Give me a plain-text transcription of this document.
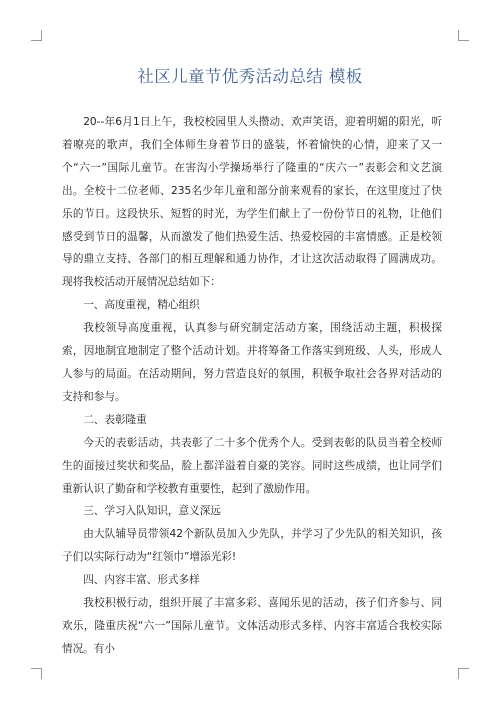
社区儿童节优秀活动总结 模板

20--年6月1日上午，我校校园里人头攒动、欢声笑语，迎着明媚的阳光，听着嘹亮的歌声，我们全体师生身着节日的盛装，怀着愉快的心情，迎来了又一个“六一”国际儿童节。在害沟小学操场举行了隆重的“庆六一”表彰会和文艺演出。全校十二位老师、235名少年儿童和部分前来观看的家长，在这里度过了快乐的节日。这段快乐、短暂的时光，为学生们献上了一份份节日的礼物，让他们感受到节日的温馨，从而激发了他们热爱生活、热爱校园的丰富情感。正是校领导的鼎立支持、各部门的相互理解和通力协作，才让这次活动取得了圆满成功。现将我校活动开展情况总结如下：

一、高度重视，精心组织

我校领导高度重视，认真参与研究制定活动方案，围绕活动主题，积极探索，因地制宜地制定了整个活动计划。并将筹备工作落实到班级、人头，形成人人参与的局面。在活动期间，努力营造良好的氛围，积极争取社会各界对活动的支持和参与。

二、表彰隆重

今天的表彰活动，共表彰了二十多个优秀个人。受到表彰的队员当着全校师生的面接过奖状和奖品，脸上都洋溢着自豪的笑容。同时这些成绩，也让同学们重新认识了勤奋和学校教育重要性，起到了激励作用。

三、学习入队知识，意义深远

由大队辅导员带领42个新队员加入少先队，并学习了少先队的相关知识，孩子们以实际行动为“红领巾”增添光彩!

四、内容丰富、形式多样

我校积极行动，组织开展了丰富多彩、喜闻乐见的活动，孩子们齐参与、同欢乐，隆重庆祝“六一”国际儿童节。文体活动形式多样、内容丰富适合我校实际情况。有小
